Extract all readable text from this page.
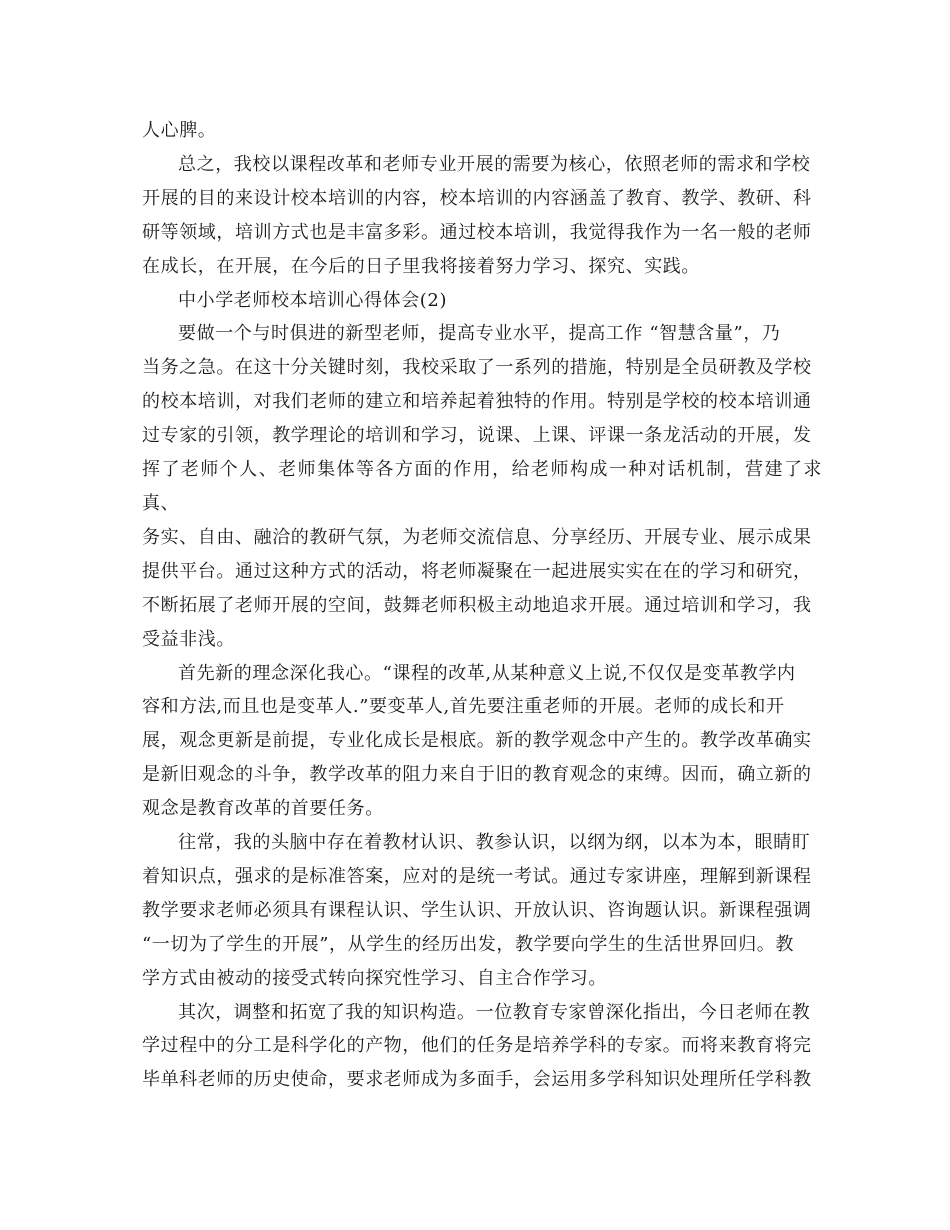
人心脾。

总之，我校以课程改革和老师专业开展的需要为核心，依照老师的需求和学校
开展的目的来设计校本培训的内容，校本培训的内容涵盖了教育、教学、教研、科
研等领域，培训方式也是丰富多彩。通过校本培训，我觉得我作为一名一般的老师
在成长，在开展，在今后的日子里我将接着努力学习、探究、实践。

中小学老师校本培训心得体会(2)

要做一个与时俱进的新型老师，提高专业水平，提高工作 “智慧含量”，乃
当务之急。在这十分关键时刻，我校采取了一系列的措施，特别是全员研教及学校
的校本培训，对我们老师的建立和培养起着独特的作用。特别是学校的校本培训通
过专家的引领，教学理论的培训和学习，说课、上课、评课一条龙活动的开展，发
挥了老师个人、老师集体等各方面的作用，给老师构成一种对话机制，营建了求真、
务实、自由、融洽的教研气氛，为老师交流信息、分享经历、开展专业、展示成果
提供平台。通过这种方式的活动，将老师凝聚在一起进展实实在在的学习和研究，
不断拓展了老师开展的空间，鼓舞老师积极主动地追求开展。通过培训和学习，我
受益非浅。

首先新的理念深化我心。“课程的改革,从某种意义上说,不仅仅是变革教学内
容和方法,而且也是变革人.”要变革人,首先要注重老师的开展。老师的成长和开
展，观念更新是前提，专业化成长是根底。新的教学观念中产生的。教学改革确实
是新旧观念的斗争，教学改革的阻力来自于旧的教育观念的束缚。因而，确立新的
观念是教育改革的首要任务。

往常，我的头脑中存在着教材认识、教参认识，以纲为纲，以本为本，眼睛盯
着知识点，强求的是标准答案，应对的是统一考试。通过专家讲座，理解到新课程
教学要求老师必须具有课程认识、学生认识、开放认识、咨询题认识。新课程强调
“一切为了学生的开展”，从学生的经历出发，教学要向学生的生活世界回归。教
学方式由被动的接受式转向探究性学习、自主合作学习。

其次，调整和拓宽了我的知识构造。一位教育专家曾深化指出，今日老师在教
学过程中的分工是科学化的产物，他们的任务是培养学科的专家。而将来教育将完
毕单科老师的历史使命，要求老师成为多面手，会运用多学科知识处理所任学科教
